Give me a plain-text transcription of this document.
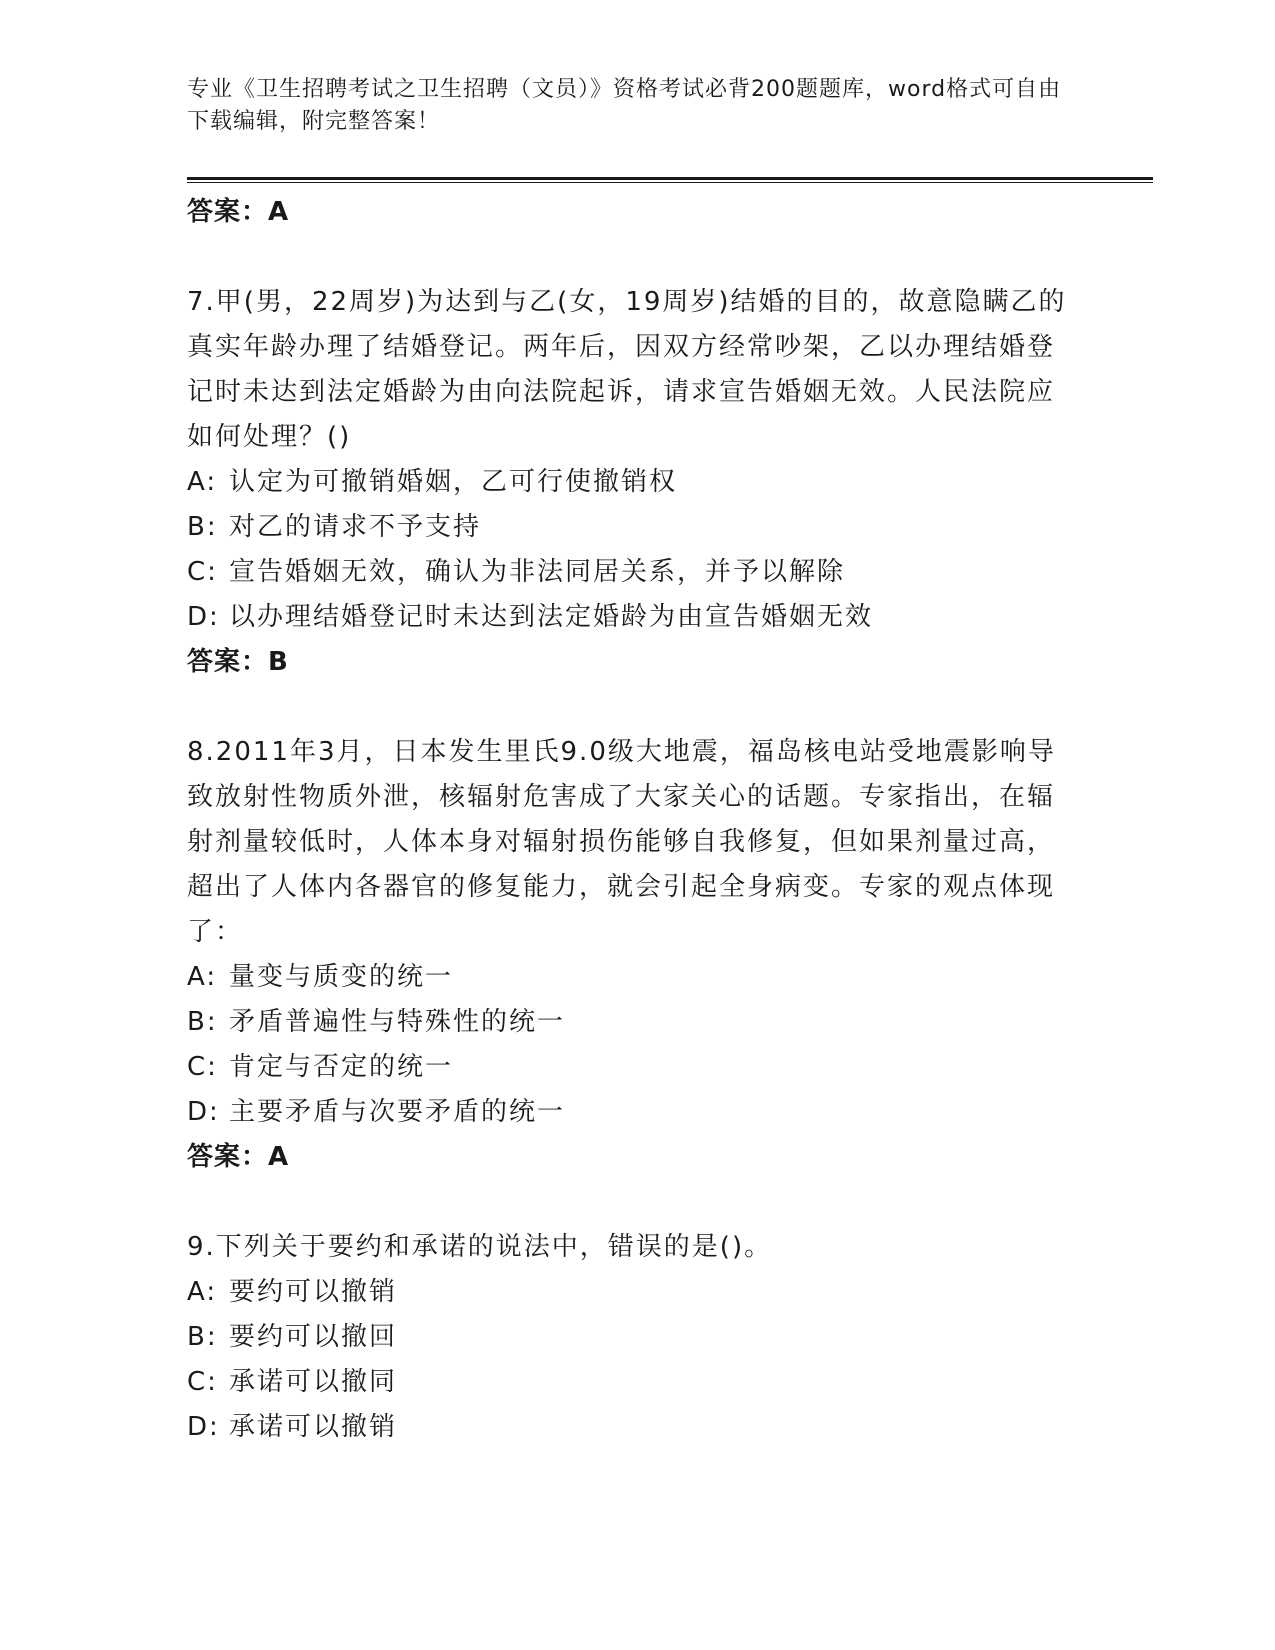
专业《卫生招聘考试之卫生招聘（文员）》资格考试必背200题题库，word格式可自由下载编辑，附完整答案！
答案：A
7.甲(男，22周岁)为达到与乙(女，19周岁)结婚的目的，故意隐瞒乙的真实年龄办理了结婚登记。两年后，因双方经常吵架，乙以办理结婚登记时未达到法定婚龄为由向法院起诉，请求宣告婚姻无效。人民法院应如何处理？()
A: 认定为可撤销婚姻，乙可行使撤销权
B: 对乙的请求不予支持
C: 宣告婚姻无效，确认为非法同居关系，并予以解除
D: 以办理结婚登记时未达到法定婚龄为由宣告婚姻无效
答案：B
8.2011年3月，日本发生里氏9.0级大地震，福岛核电站受地震影响导致放射性物质外泄，核辐射危害成了大家关心的话题。专家指出，在辐射剂量较低时，人体本身对辐射损伤能够自我修复，但如果剂量过高，超出了人体内各器官的修复能力，就会引起全身病变。专家的观点体现了：
A: 量变与质变的统一
B: 矛盾普遍性与特殊性的统一
C: 肯定与否定的统一
D: 主要矛盾与次要矛盾的统一
答案：A
9.下列关于要约和承诺的说法中，错误的是()。
A: 要约可以撤销
B: 要约可以撤回
C: 承诺可以撤同
D: 承诺可以撤销
